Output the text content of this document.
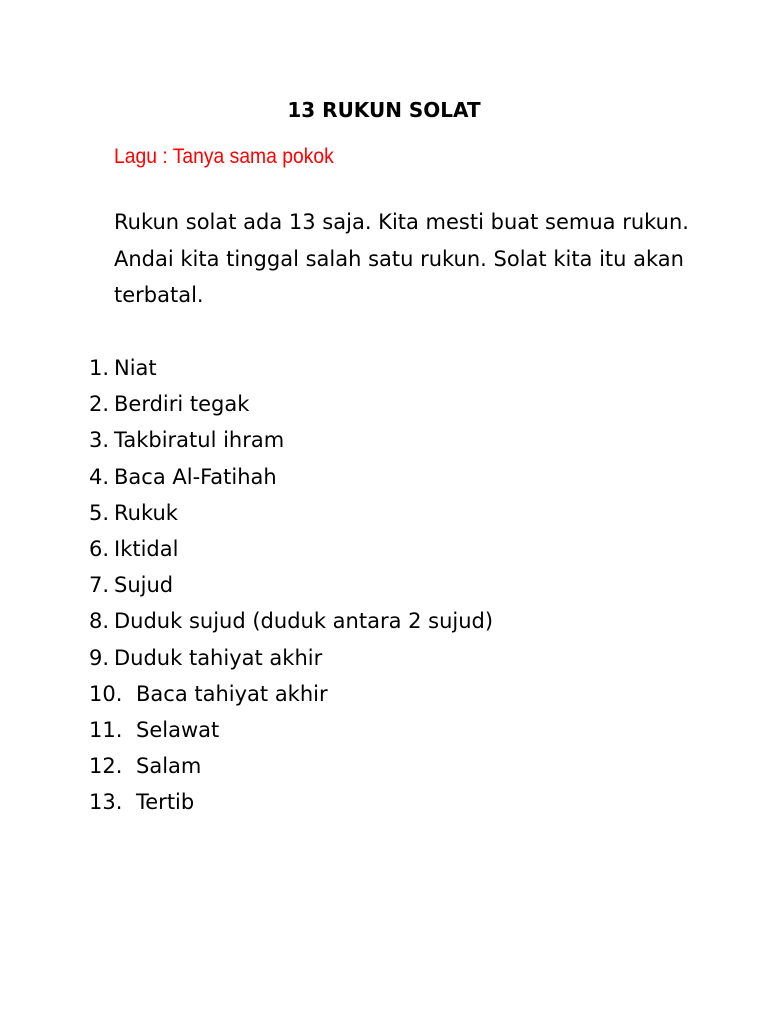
13 RUKUN SOLAT
Lagu : Tanya sama pokok
Rukun solat ada 13 saja. Kita mesti buat semua rukun.
Andai kita tinggal salah satu rukun. Solat kita itu akan
terbatal.
1. Niat
2. Berdiri tegak
3. Takbiratul ihram
4. Baca Al-Fatihah
5. Rukuk
6. Iktidal
7. Sujud
8. Duduk sujud (duduk antara 2 sujud)
9. Duduk tahiyat akhir
10. Baca tahiyat akhir
11. Selawat
12. Salam
13. Tertib
